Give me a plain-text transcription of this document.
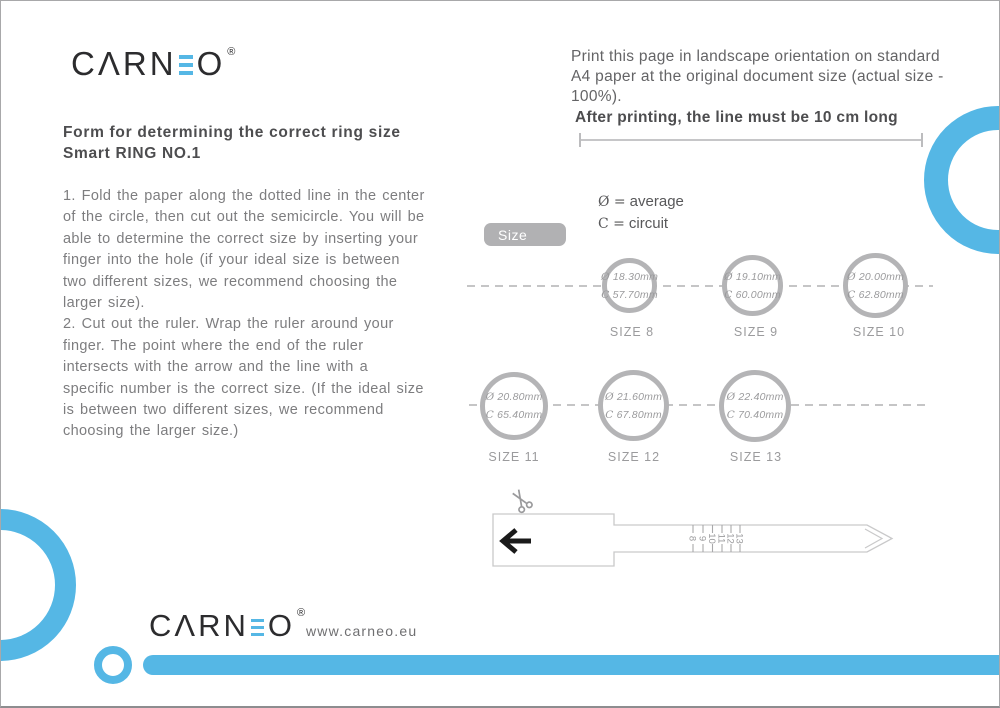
C Λ R N O ®
Form for determining the correct ring size
Smart RING NO.1

1. Fold the paper along the dotted line in the center of the circle, then cut out the semicircle. You will be able to determine the correct size by inserting your finger into the hole (if your ideal size is between two different sizes, we recommend choosing the larger size).

2. Cut out the ruler. Wrap the ruler around your finger. The point where the end of the ruler intersects with the arrow and the line with a specific number is the correct size. (If the ideal size is between two different sizes, we recommend choosing the larger size.)

Print this page in landscape orientation on standard A4 paper at the original document size (actual size - 100%).
After printing, the line must be 10 cm long
Ø = average
C = circuit
Size
Ø 18.30mm
C 57.70mm
Ø 19.10mm
C 60.00mm
Ø 20.00mm
C 62.80mm
Ø 20.80mm
C 65.40mm
Ø 21.60mm
C 67.80mm
Ø 22.40mm
C 70.40mm
SIZE 8	SIZE 9	SIZE 10
SIZE 11	SIZE 12	SIZE 13
8 9
10
11
12
13
C Λ R N O ®
www.carneo.eu
